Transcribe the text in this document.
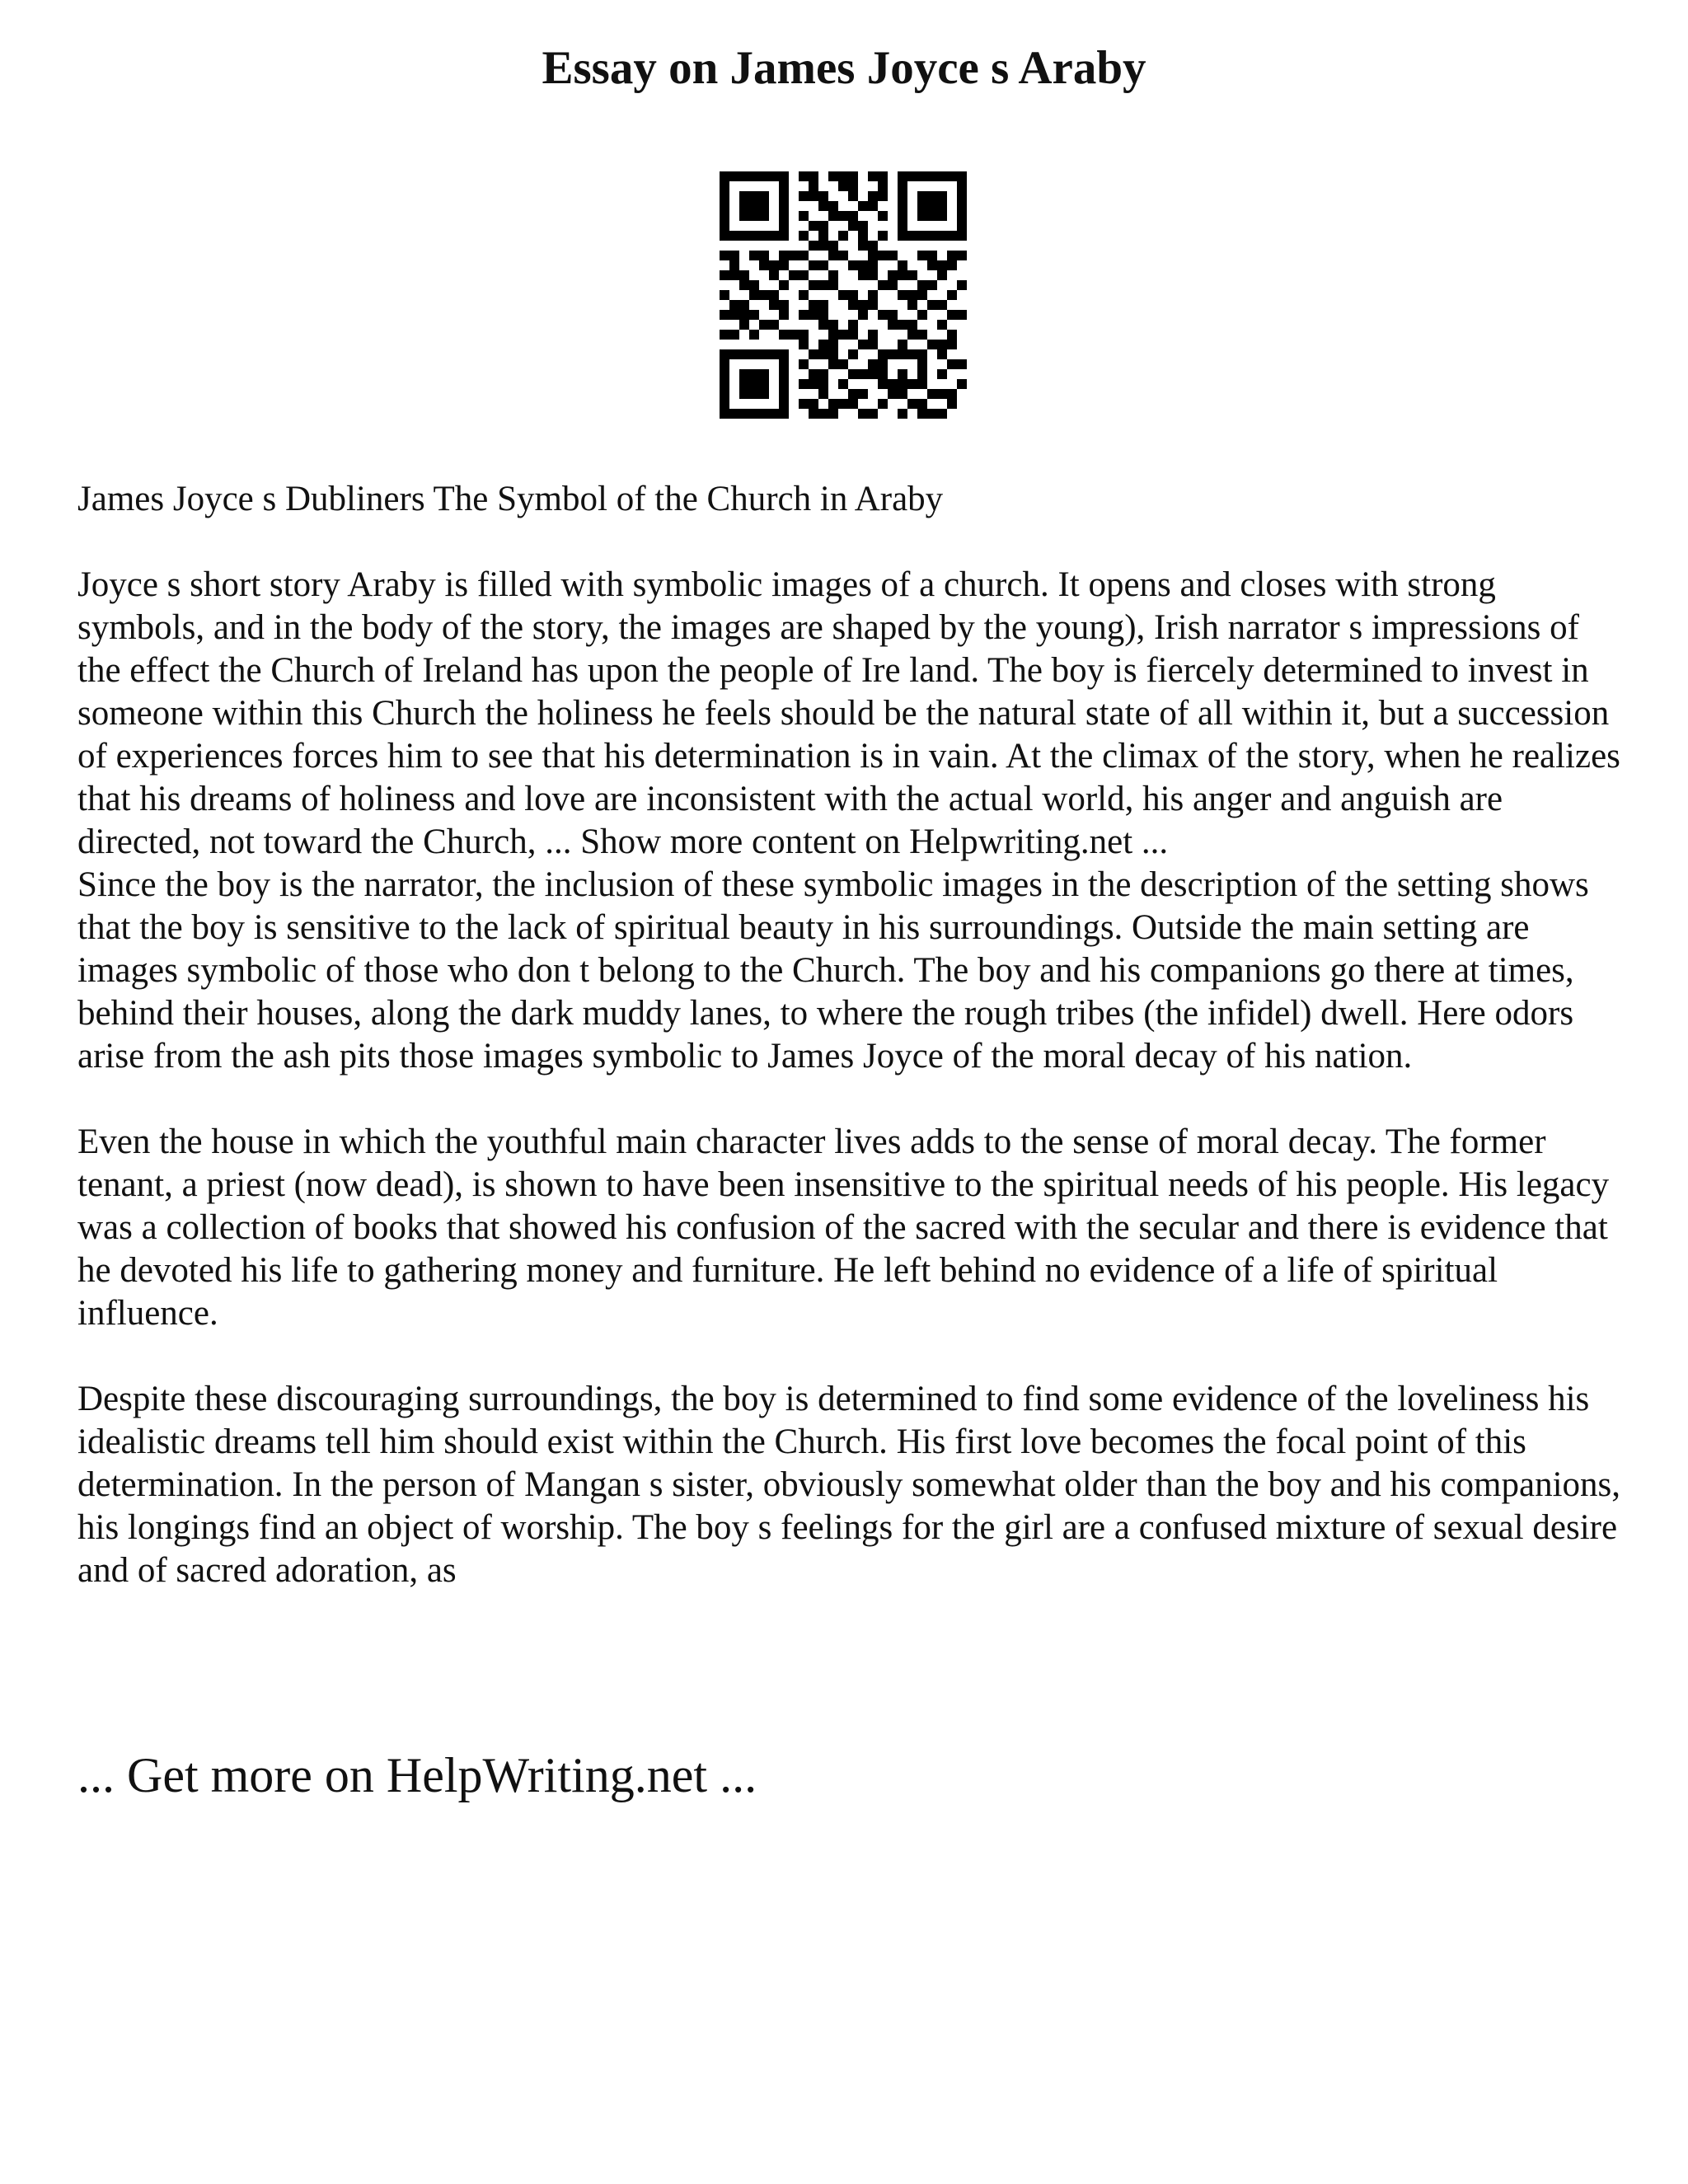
Essay on James Joyce s Araby

James Joyce s Dubliners The Symbol of the Church in Araby

Joyce s short story Araby is filled with symbolic images of a church. It opens and closes with strong symbols, and in the body of the story, the images are shaped by the young), Irish narrator s impressions of the effect the Church of Ireland has upon the people of Ire land. The boy is fiercely determined to invest in someone within this Church the holiness he feels should be the natural state of all within it, but a succession of experiences forces him to see that his determination is in vain. At the climax of the story, when he realizes that his dreams of holiness and love are inconsistent with the actual world, his anger and anguish are directed, not toward the Church, ... Show more content on Helpwriting.net ...

Since the boy is the narrator, the inclusion of these symbolic images in the description of the setting shows that the boy is sensitive to the lack of spiritual beauty in his surroundings. Outside the main setting are images symbolic of those who don t belong to the Church. The boy and his companions go there at times, behind their houses, along the dark muddy lanes, to where the rough tribes (the infidel) dwell. Here odors arise from the ash pits those images symbolic to James Joyce of the moral decay of his nation.

Even the house in which the youthful main character lives adds to the sense of moral decay. The former tenant, a priest (now dead), is shown to have been insensitive to the spiritual needs of his people. His legacy was a collection of books that showed his confusion of the sacred with the secular and there is evidence that he devoted his life to gathering money and furniture. He left behind no evidence of a life of spiritual influence.

Despite these discouraging surroundings, the boy is determined to find some evidence of the loveliness his idealistic dreams tell him should exist within the Church. His first love becomes the focal point of this determination. In the person of Mangan s sister, obviously somewhat older than the boy and his companions, his longings find an object of worship. The boy s feelings for the girl are a confused mixture of sexual desire and of sacred adoration, as

... Get more on HelpWriting.net ...
